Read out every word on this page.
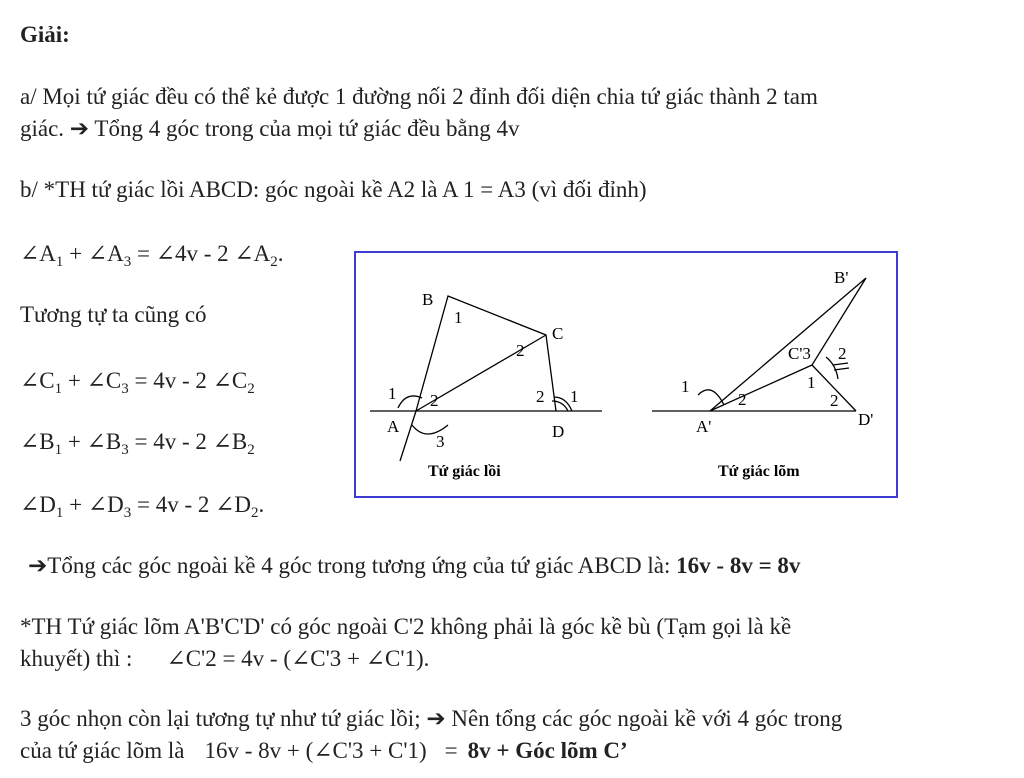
Giải:
a/ Mọi tứ giác đều có thể kẻ được 1 đường nối 2 đỉnh đối diện chia tứ giác thành 2 tam
giác. ➔ Tổng 4 góc trong của mọi tứ giác đều bằng 4v
b/ *TH tứ giác lồi ABCD: góc ngoài kề A2 là A 1 = A3 (vì đối đỉnh)
$\angle A_1$ + $\angle A_3$ = ∠4v - 2 $\angle A_2$.
Tương tự ta cũng có
$\angle C_1$ + $\angle C_3 = 4v - 2$ $\angle C_2$
$\angle B_1$ + $\angle B_3 = 4v - 2$ $\angle B_2$
$\angle D_1$ + $\angle D_3 = 4v - 2$ $\angle D_2$.
➔Tổng các góc ngoài kề 4 góc trong tương ứng của tứ giác ABCD là: 16v - 8v = 8v
*TH Tứ giác lõm A'B'C'D' có góc ngoài C'2 không phải là góc kề bù (Tạm gọi là kề
khuyết) thì : ∠C'2 = 4v - (∠C'3 + ∠C'1).
3 góc nhọn còn lại tương tự như tứ giác lồi; ➔ Nên tổng các góc ngoài kề với 4 góc trong
của tứ giác lõm là 16v - 8v + (∠C'3 + C'1) = 8v + Góc lõm C’
B
1
C
2
1 2	2 1
A
3
D
Tứ giác lồi
B'
C'3 2
1
1
2	2
A'	D'
Tứ giác lõm
